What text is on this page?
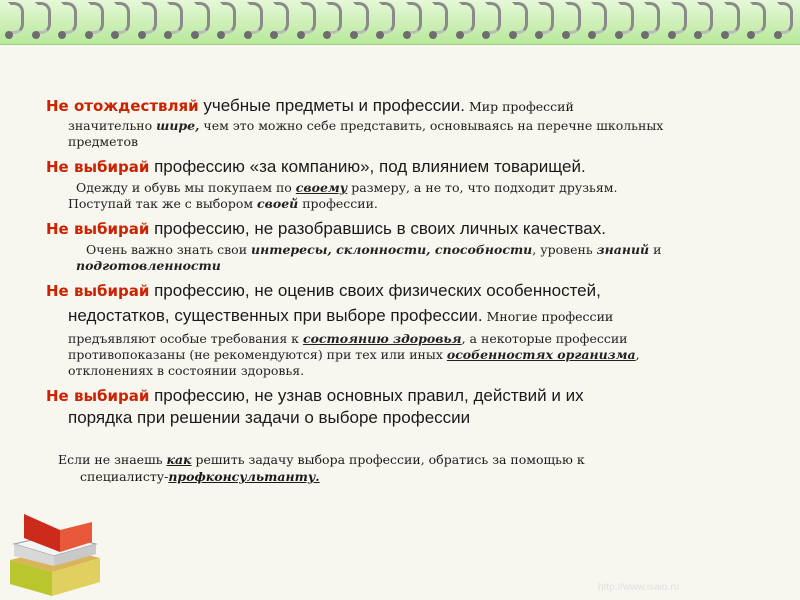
Не отождествляй учебные предметы и профессии. Мир профессий
значительно шире, чем это можно себе представить, основываясь на перечне школьных
предметов
Не выбирай профессию «за компанию», под влиянием товарищей.
Одежду и обувь мы покупаем по своему размеру, а не то, что подходит друзьям.
Поступай так же с выбором своей профессии.
Не выбирай профессию, не разобравшись в своих личных качествах.
Очень важно знать свои интересы, склонности, способности, уровень знаний и
подготовленности
Не выбирай профессию, не оценив своих физических особенностей,
недостатков, существенных при выборе профессии. Многие профессии
предъявляют особые требования к состоянию здоровья, а некоторые профессии
противопоказаны (не рекомендуются) при тех или иных особенностях организма,
отклонениях в состоянии здоровья.
Не выбирай профессию, не узнав основных правил, действий и их
порядка при решении задачи о выборе профессии
Если не знаешь как решить задачу выбора профессии, обратись за помощью к
специалисту-профконсультанту.
http://www.isaio.ru
